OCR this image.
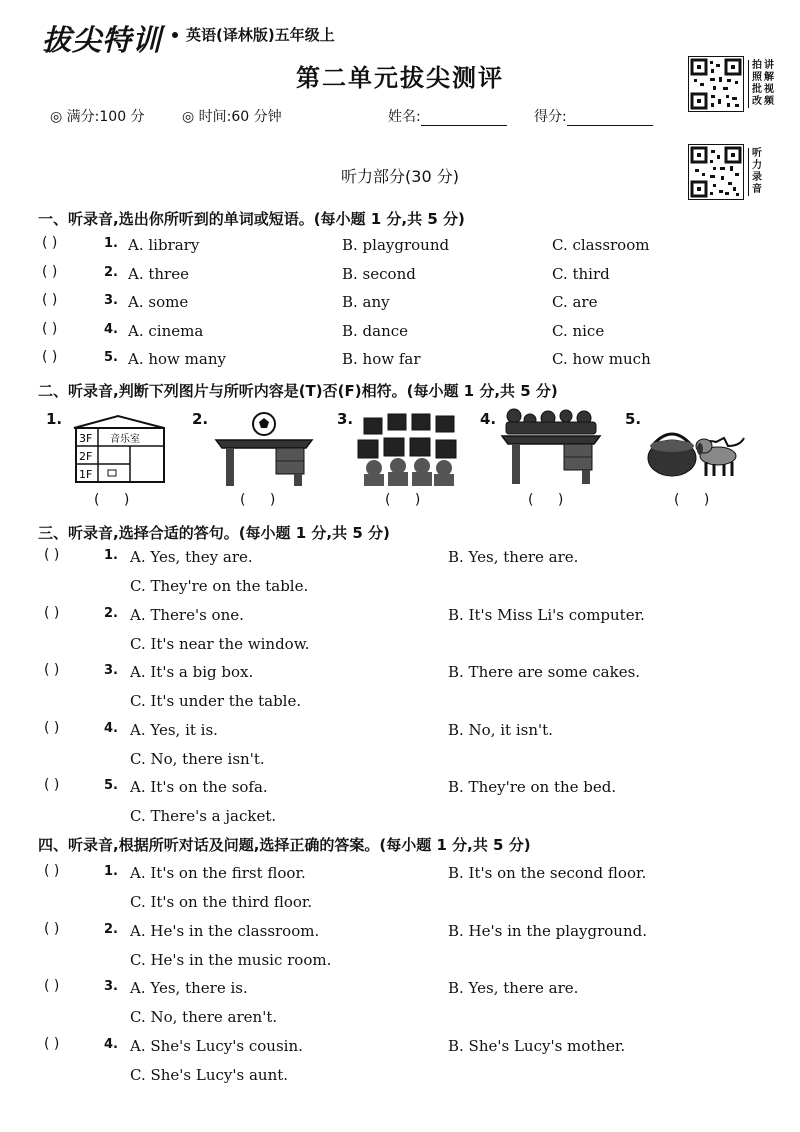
拔尖特训 英语(译林版)五年级上
第二单元拔尖测评	拍
照
批
改
讲
解
视
频
听
力
录
音
◎ 满分:100 分	◎ 时间:60 分钟	姓名:	得分:
听力部分(30 分)
一、听录音,选出你所听到的单词或短语。(每小题 1 分,共 5 分)
( )	1. A. library	B. playground	C. classroom
( )	2. A. three	B. second	C. third
( )	3. A. some	B. any	C. are
( )	4. A. cinema	B. dance	C. nice
( )	5. A. how many	B. how far	C. how much
二、听录音,判断下列图片与所听内容是(T)否(F)相符。(每小题 1 分,共 5 分)
1.	2.	3.	4.	5.
3F
2F
1F
音乐室
( )	( )	( )	( )	( )
三、听录音,选择合适的答句。(每小题 1 分,共 5 分)
( )	1. A. Yes, they are.	B. Yes, there are.
C. They're on the table.
( )	2. A. There's one.	B. It's Miss Li's computer.
C. It's near the window.
( )	3. A. It's a big box.	B. There are some cakes.
C. It's under the table.
( )	4. A. Yes, it is.	B. No, it isn't.
C. No, there isn't.
( )	5. A. It's on the sofa.	B. They're on the bed.
C. There's a jacket.
四、听录音,根据所听对话及问题,选择正确的答案。(每小题 1 分,共 5 分)
( )	1. A. It's on the first floor.	B. It's on the second floor.
C. It's on the third floor.
( )	2. A. He's in the classroom.	B. He's in the playground.
C. He's in the music room.
( )	3. A. Yes, there is.	B. Yes, there are.
C. No, there aren't.
( )	4. A. She's Lucy's cousin.	B. She's Lucy's mother.
C. She's Lucy's aunt.
